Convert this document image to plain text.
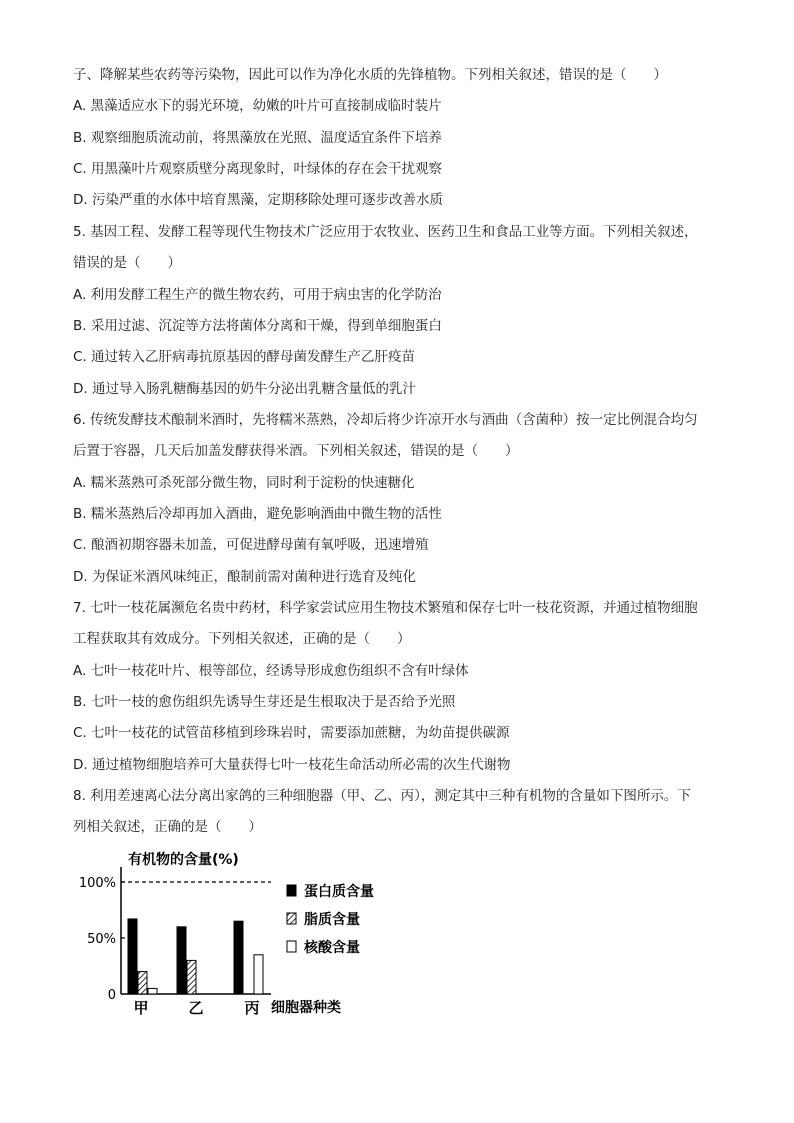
子、降解某些农药等污染物，因此可以作为净化水质的先锋植物。下列相关叙述，错误的是（　　）
A. 黑藻适应水下的弱光环境，幼嫩的叶片可直接制成临时装片
B. 观察细胞质流动前，将黑藻放在光照、温度适宜条件下培养
C. 用黑藻叶片观察质壁分离现象时，叶绿体的存在会干扰观察
D. 污染严重的水体中培育黑藻，定期移除处理可逐步改善水质
5. 基因工程、发酵工程等现代生物技术广泛应用于农牧业、医药卫生和食品工业等方面。下列相关叙述，
错误的是（　　）
A. 利用发酵工程生产的微生物农药，可用于病虫害的化学防治
B. 采用过滤、沉淀等方法将菌体分离和干燥，得到单细胞蛋白
C. 通过转入乙肝病毒抗原基因的酵母菌发酵生产乙肝疫苗
D. 通过导入肠乳糖酶基因的奶牛分泌出乳糖含量低的乳汁
6. 传统发酵技术酿制米酒时，先将糯米蒸熟，冷却后将少许凉开水与酒曲（含菌种）按一定比例混合均匀
后置于容器，几天后加盖发酵获得米酒。下列相关叙述，错误的是（　　）
A. 糯米蒸熟可杀死部分微生物，同时利于淀粉的快速糖化
B. 糯米蒸熟后冷却再加入酒曲，避免影响酒曲中微生物的活性
C. 酿酒初期容器未加盖，可促进酵母菌有氧呼吸，迅速增殖
D. 为保证米酒风味纯正，酿制前需对菌种进行选育及纯化
7. 七叶一枝花属濒危名贵中药材，科学家尝试应用生物技术繁殖和保存七叶一枝花资源，并通过植物细胞
工程获取其有效成分。下列相关叙述，正确的是（　　）
A. 七叶一枝花叶片、根等部位，经诱导形成愈伤组织不含有叶绿体
B. 七叶一枝的愈伤组织先诱导生芽还是生根取决于是否给予光照
C. 七叶一枝花的试管苗移植到珍珠岩时，需要添加蔗糖，为幼苗提供碳源
D. 通过植物细胞培养可大量获得七叶一枝花生命活动所必需的次生代谢物
8. 利用差速离心法分离出家鸽的三种细胞器（甲、乙、丙），测定其中三种有机物的含量如下图所示。下
列相关叙述，正确的是（　　）
有机物的含量(%)
0
50%
100%
甲	乙	丙 细胞器种类
蛋白质含量
脂质含量
核酸含量
